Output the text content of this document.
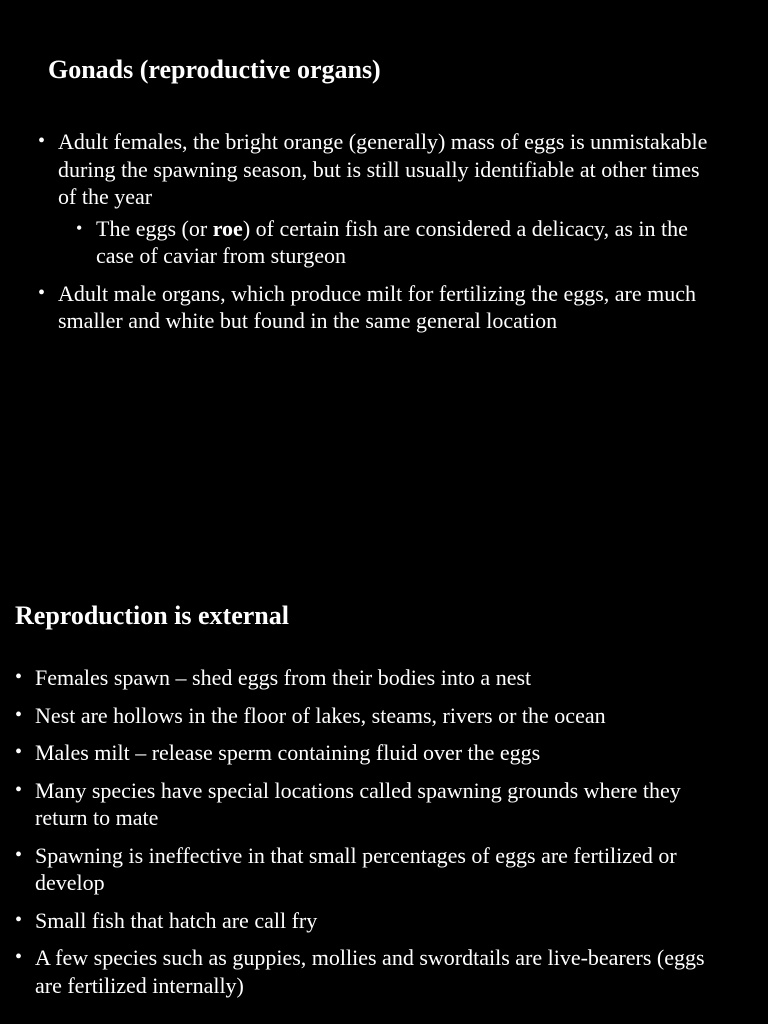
Gonads (reproductive organs)
• Adult females, the bright orange (generally) mass of eggs is unmistakable during the spawning season, but is still usually identifiable at other times of the year
• The eggs (or roe) of certain fish are considered a delicacy, as in the case of caviar from sturgeon
• Adult male organs, which produce milt for fertilizing the eggs, are much smaller and white but found in the same general location
Reproduction is external
• Females spawn – shed eggs from their bodies into a nest
• Nest are hollows in the floor of lakes, steams, rivers or the ocean
• Males milt – release sperm containing fluid over the eggs
• Many species have special locations called spawning grounds where they return to mate
• Spawning is ineffective in that small percentages of eggs are fertilized or develop
• Small fish that hatch are call fry
• A few species such as guppies, mollies and swordtails are live-bearers (eggs are fertilized internally)
